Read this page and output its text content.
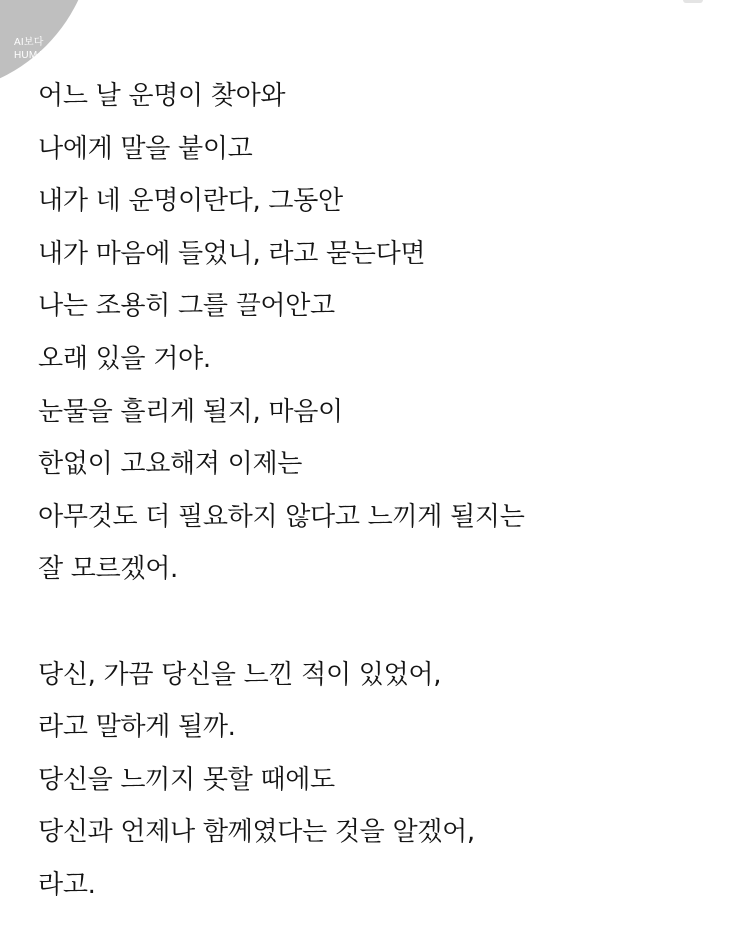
AI보다
HUMAN
어느 날 운명이 찾아와
나에게 말을 붙이고
내가 네 운명이란다, 그동안
내가 마음에 들었니, 라고 묻는다면
나는 조용히 그를 끌어안고
오래 있을 거야.
눈물을 흘리게 될지, 마음이
한없이 고요해져 이제는
아무것도 더 필요하지 않다고 느끼게 될지는
잘 모르겠어.
당신, 가끔 당신을 느낀 적이 있었어,
라고 말하게 될까.
당신을 느끼지 못할 때에도
당신과 언제나 함께였다는 것을 알겠어,
라고.
